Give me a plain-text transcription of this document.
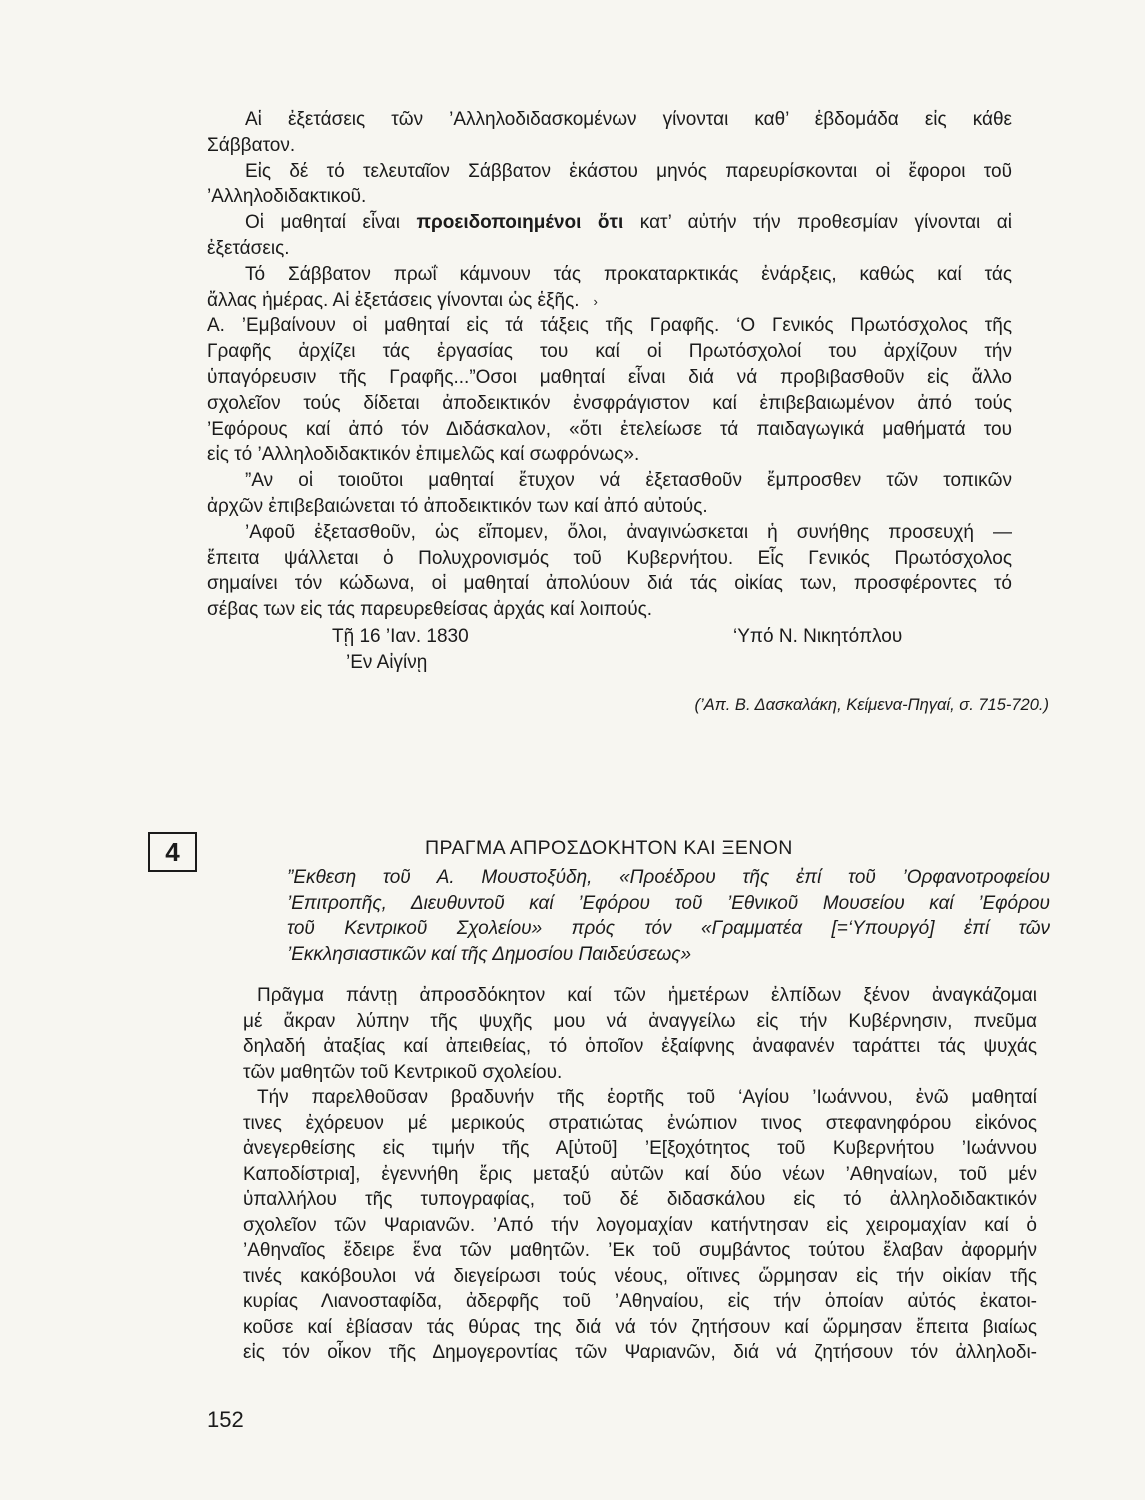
Αἱ ἐξετάσεις τῶν ’Αλληλοδιδασκομένων γίνονται καθ’ ἑβδομάδα εἰς κάθε
Σάββατον.
Εἰς δέ τό τελευταῖον Σάββατον ἑκάστου μηνός παρευρίσκονται οἱ ἔφοροι τοῦ
’Αλληλοδιδακτικοῦ.
Οἱ μαθηταί εἶναι προειδοποιημένοι ὅτι κατ’ αὐτήν τήν προθεσμίαν γίνονται αἱ
ἐξετάσεις.
Τό Σάββατον πρωΐ κάμνουν τάς προκαταρκτικάς ἐνάρξεις, καθώς καί τάς
ἄλλας ἡμέρας. Αἱ ἐξετάσεις γίνονται ὡς ἑξῆς. ›
Α. ’Εμβαίνουν οἱ μαθηταί εἰς τά τάξεις τῆς Γραφῆς. ‘Ο Γενικός Πρωτόσχολος τῆς
Γραφῆς ἀρχίζει τάς ἐργασίας του καί οἱ Πρωτόσχολοί του ἀρχίζουν τήν
ὑπαγόρευσιν τῆς Γραφῆς...”Οσοι μαθηταί εἶναι διά νά προβιβασθοῦν εἰς ἄλλο
σχολεῖον τούς δίδεται ἀποδεικτικόν ἐνσφράγιστον καί ἐπιβεβαιωμένον ἀπό τούς
’Εφόρους καί ἀπό τόν Διδάσκαλον, «ὅτι ἐτελείωσε τά παιδαγωγικά μαθήματά του
εἰς τό ’Αλληλοδιδακτικόν ἐπιμελῶς καί σωφρόνως».
”Αν οἱ τοιοῦτοι μαθηταί ἔτυχον νά ἐξετασθοῦν ἔμπροσθεν τῶν τοπικῶν
ἀρχῶν ἐπιβεβαιώνεται τό ἀποδεικτικόν των καί ἀπό αὐτούς.
’Αφοῦ ἐξετασθοῦν, ὡς εἴπομεν, ὅλοι, ἀναγινώσκεται ἡ συνήθης προσευχή —
ἔπειτα ψάλλεται ὁ Πολυχρονισμός τοῦ Κυβερνήτου. Εἷς Γενικός Πρωτόσχολος
σημαίνει τόν κώδωνα, οἱ μαθηταί ἀπολύουν διά τάς οἰκίας των, προσφέροντες τό
σέβας των εἰς τάς παρευρεθείσας ἀρχάς καί λοιπούς.
Τῇ 16 ’Ιαν. 1830	‘Υπό Ν. Νικητόπλου
’Εν Αἰγίνῃ
(’Απ. Β. Δασκαλάκη, Κείμενα-Πηγαί, σ. 715-720.)
4	ΠΡΑΓΜΑ ΑΠΡΟΣΔΟΚΗΤΟΝ ΚΑΙ ΞΕΝΟΝ
”Εκθεση τοῦ Α. Μουστοξύδη, «Προέδρου τῆς ἐπί τοῦ ’Ορφανοτροφείου
’Επιτροπῆς, Διευθυντοῦ καί ’Εφόρου τοῦ ’Εθνικοῦ Μουσείου καί ’Εφόρου
τοῦ Κεντρικοῦ Σχολείου» πρός τόν «Γραμματέα [=‘Υπουργό] ἐπί τῶν
’Εκκλησιαστικῶν καί τῆς Δημοσίου Παιδεύσεως»
Πρᾶγμα πάντῃ ἀπροσδόκητον καί τῶν ἡμετέρων ἐλπίδων ξένον ἀναγκάζομαι
μέ ἄκραν λύπην τῆς ψυχῆς μου νά ἀναγγείλω εἰς τήν Κυβέρνησιν, πνεῦμα
δηλαδή ἀταξίας καί ἀπειθείας, τό ὁποῖον ἐξαίφνης ἀναφανέν ταράττει τάς ψυχάς
τῶν μαθητῶν τοῦ Κεντρικοῦ σχολείου.
Τήν παρελθοῦσαν βραδυνήν τῆς ἑορτῆς τοῦ ‘Αγίου ’Ιωάννου, ἐνῶ μαθηταί
τινες ἐχόρευον μέ μερικούς στρατιώτας ἐνώπιον τινος στεφανηφόρου εἰκόνος
ἀνεγερθείσης εἰς τιμήν τῆς Α[ὐτοῦ] ’Ε[ξοχότητος τοῦ Κυβερνήτου ’Ιωάννου
Καποδίστρια], ἐγεννήθη ἔρις μεταξύ αὐτῶν καί δύο νέων ’Αθηναίων, τοῦ μέν
ὑπαλλήλου τῆς τυπογραφίας, τοῦ δέ διδασκάλου εἰς τό ἀλληλοδιδακτικόν
σχολεῖον τῶν Ψαριανῶν. ’Από τήν λογομαχίαν κατήντησαν εἰς χειρομαχίαν καί ὁ
’Αθηναῖος ἔδειρε ἕνα τῶν μαθητῶν. ’Εκ τοῦ συμβάντος τούτου ἔλαβαν ἀφορμήν
τινές κακόβουλοι νά διεγείρωσι τούς νέους, οἵτινες ὥρμησαν εἰς τήν οἰκίαν τῆς
κυρίας Λιανοσταφίδα, ἀδερφῆς τοῦ ’Αθηναίου, εἰς τήν ὁποίαν αὐτός ἐκατοι-
κοῦσε καί ἐβίασαν τάς θύρας της διά νά τόν ζητήσουν καί ὥρμησαν ἔπειτα βιαίως
εἰς τόν οἶκον τῆς Δημογεροντίας τῶν Ψαριανῶν, διά νά ζητήσουν τόν ἀλληλοδι-
152
